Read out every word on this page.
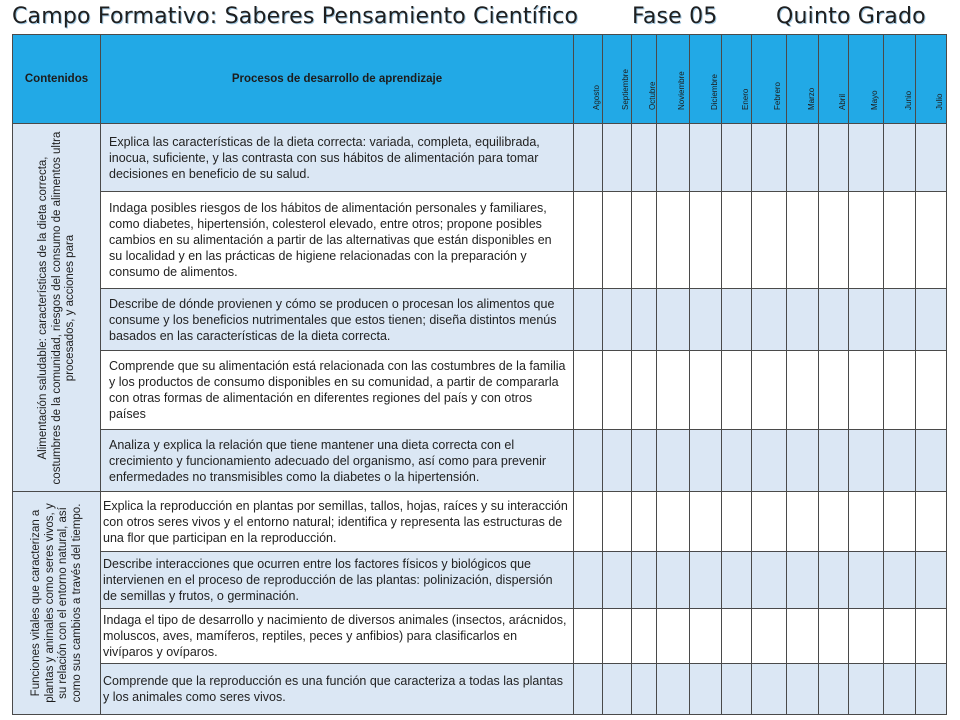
Campo Formativo: Saberes Pensamiento Científico Fase 05	Quinto Grado
Contenidos	Procesos de desarrollo de aprendizaje	Agosto	Septiembre	Octubre	Noviembre	Diciembre	Enero	Febrero	Marzo	Abril	Mayo	Junio	Julio

Alimentación saludable: características de la dieta correcta, costumbres de la comunidad, riesgos del consumo de alimentos ultra procesados, y acciones para	Explica las características de la dieta correcta: variada, completa, equilibrada, inocua, suficiente, y las contrasta con sus hábitos de alimentación para tomar decisiones en beneficio de su salud.												

	Indaga posibles riesgos de los hábitos de alimentación personales y familiares, como diabetes, hipertensión, colesterol elevado, entre otros; propone posibles cambios en su alimentación a partir de las alternativas que están disponibles en su localidad y en las prácticas de higiene relacionadas con la preparación y consumo de alimentos.												

	Describe de dónde provienen y cómo se producen o procesan los alimentos que consume y los beneficios nutrimentales que estos tienen; diseña distintos menús basados en las características de la dieta correcta.												

	Comprende que su alimentación está relacionada con las costumbres de la familia y los productos de consumo disponibles en su comunidad, a partir de compararla con otras formas de alimentación en diferentes regiones del país y con otros países												

	Analiza y explica la relación que tiene mantener una dieta correcta con el crecimiento y funcionamiento adecuado del organismo, así como para prevenir enfermedades no transmisibles como la diabetes o la hipertensión.												

Funciones vitales que caracterizan a plantas y animales como seres vivos, y su relación con el entorno natural, así como sus cambios a través del tiempo.	Explica la reproducción en plantas por semillas, tallos, hojas, raíces y su interacción con otros seres vivos y el entorno natural; identifica y representa las estructuras de una flor que participan en la reproducción.												

	Describe interacciones que ocurren entre los factores físicos y biológicos que intervienen en el proceso de reproducción de las plantas: polinización, dispersión de semillas y frutos, o germinación.												

	Indaga el tipo de desarrollo y nacimiento de diversos animales (insectos, arácnidos, moluscos, aves, mamíferos, reptiles, peces y anfibios) para clasificarlos en vivíparos y ovíparos.												

	Comprende que la reproducción es una función que caracteriza a todas las plantas y los animales como seres vivos.												
